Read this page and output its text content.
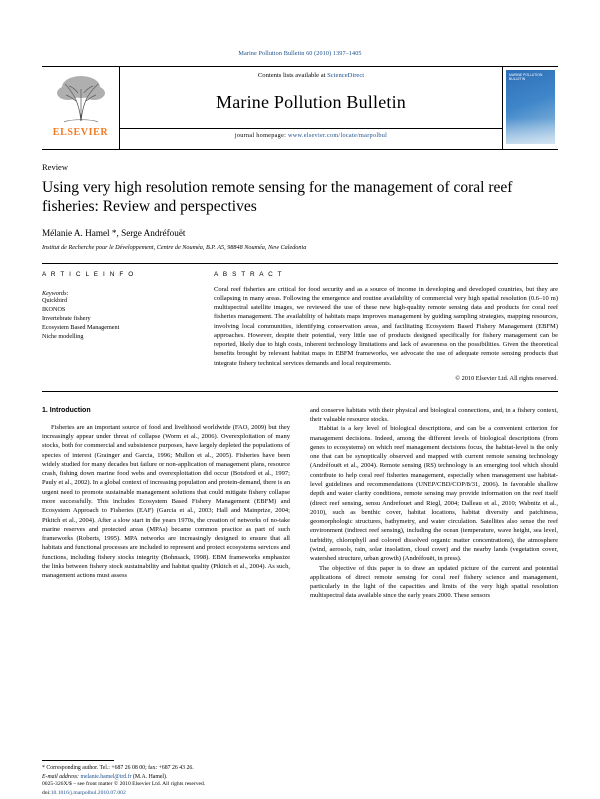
Marine Pollution Bulletin 60 (2010) 1397–1405
ELSEVIER
Contents lists available at ScienceDirect
Marine Pollution Bulletin
journal homepage: www.elsevier.com/locate/marpolbul
MARINE POLLUTION BULLETIN
Review
Using very high resolution remote sensing for the management of coral reef fisheries: Review and perspectives
Mélanie A. Hamel *, Serge Andréfouët
Institut de Recherche pour le Développement, Centre de Nouméa, B.P. A5, 98848 Nouméa, New Caledonia
A R T I C L E I N F O
Keywords:
Quickbird
IKONOS
Invertebrate fishery
Ecosystem Based Management
Niche modelling
A B S T R A C T
Coral reef fisheries are critical for food security and as a source of income in developing and developed countries, but they are collapsing in many areas. Following the emergence and routine availability of commercial very high spatial resolution (0.6–10 m) multispectral satellite images, we reviewed the use of these new high-quality remote sensing data and products for coral reef fisheries management. The availability of habitats maps improves management by guiding sampling strategies, mapping resources, involving local communities, identifying conservation areas, and facilitating Ecosystem Based Fishery Management (EBFM) approaches. However, despite their potential, very little use of products designed specifically for fishery management can be reported, likely due to high costs, inherent technology limitations and lack of awareness on the possibilities. Given the theoretical benefits brought by relevant habitat maps in EBFM frameworks, we advocate the use of adequate remote sensing products that integrate fishery technical services demands and local requirements.
© 2010 Elsevier Ltd. All rights reserved.
1. Introduction

Fisheries are an important source of food and livelihood worldwide (FAO, 2009) but they increasingly appear under threat of collapse (Worm et al., 2006). Overexploitation of many stocks, both for commercial and subsistence purposes, have largely depleted the populations of species of interest (Grainger and Garcia, 1996; Mullon et al., 2005). Fisheries have been widely studied for many decades but failure or non-application of management plans, resource crash, fishing down marine food webs and overexploitation did occur (Botsford et al., 1997; Pauly et al., 2002). In a global context of increasing population and protein-demand, there is an urgent need to promote sustainable management solutions that could mitigate fishery collapse more successfully. This includes Ecosystem Based Fishery Management (EBFM) and Ecosystem Approach to Fisheries (EAF) (Garcia et al., 2003; Hall and Mainprize, 2004; Pikitch et al., 2004). After a slow start in the years 1970s, the creation of networks of no-take marine reserves and protected areas (MPAs) became common practice as part of such frameworks (Roberts, 1995). MPA networks are increasingly designed to ensure that all habitats and functional processes are included to represent and protect ecosystems services and functions, including fishery stocks integrity (Bohnsack, 1998). EBM frameworks emphasize the links between fishery stock sustainability and habitat quality (Pikitch et al., 2004). As such, management actions must assess

and conserve habitats with their physical and biological connections, and, in a fishery context, their valuable resource stocks.

Habitat is a key level of biological descriptions, and can be a convenient criterion for management decisions. Indeed, among the different levels of biological descriptions (from genes to ecosystems) on which reef management decisions focus, the habitat-level is the only one that can be synoptically observed and mapped with current remote sensing technology (Andréfouët et al., 2004). Remote sensing (RS) technology is an emerging tool which should contribute to help coral reef fisheries management, especially when management use habitat-level guidelines and recommendations (UNEP/CBD/COP/8/31, 2006). In favorable shallow depth and water clarity conditions, remote sensing may provide information on the reef itself (direct reef sensing, sensu Andrefouet and Riegl, 2004; Dalleau et al., 2010; Wabnitz et al., 2010), such as benthic cover, habitat locations, habitat diversity and patchiness, geomorphologic structures, bathymetry, and water circulation. Satellites also sense the reef environment (indirect reef sensing), including the ocean (temperature, wave height, sea level, turbidity, chlorophyll and colored dissolved organic matter concentrations), the atmosphere (wind, aerosols, rain, solar insolation, cloud cover) and the nearby lands (vegetation cover, watershed structure, urban growth) (Andréfouët, in press).

The objective of this paper is to draw an updated picture of the current and potential applications of direct remote sensing for coral reef fishery science and management, particularly in the light of the capacities and limits of the very high spatial resolution multispectral data available since the early years 2000. These sensors

* Corresponding author. Tel.: +687 26 08 00; fax: +687 26 43 26.
E-mail address: melanie.hamel@ird.fr (M.A. Hamel).
0025-326X/$ – see front matter © 2010 Elsevier Ltd. All rights reserved.
doi:10.1016/j.marpolbul.2010.07.002
